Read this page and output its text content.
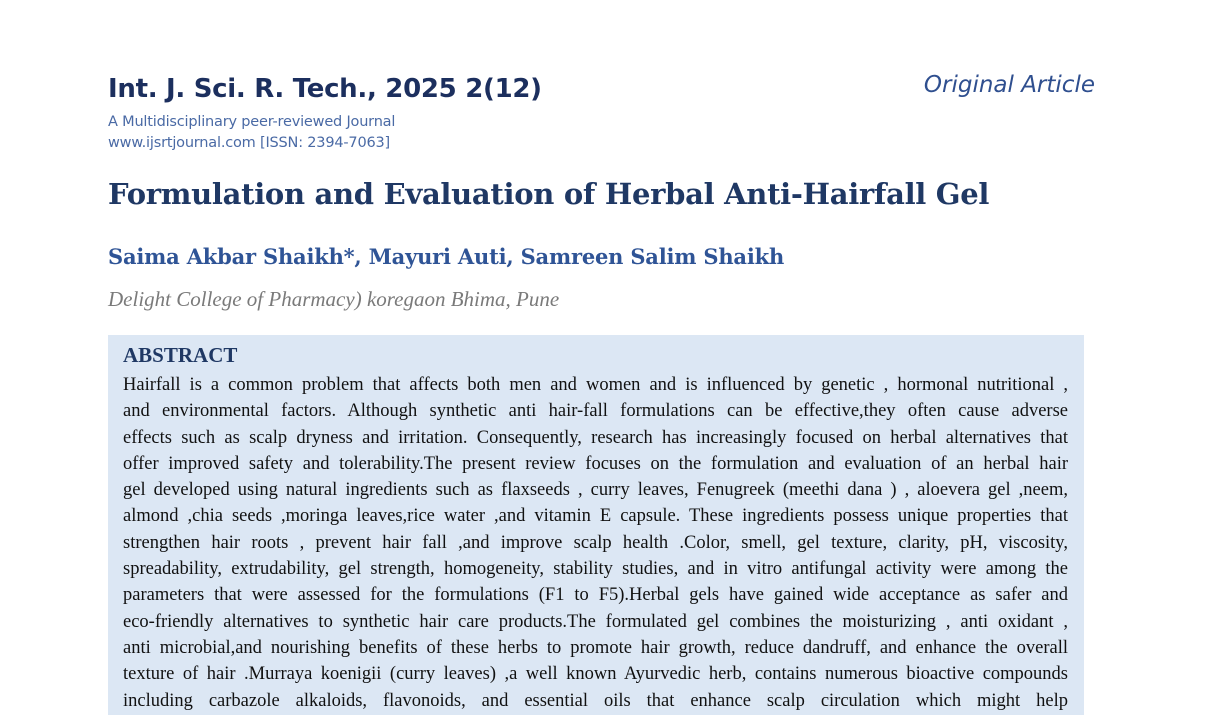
Int. J. Sci. R. Tech., 2025 2(12)
A Multidisciplinary peer-reviewed Journal
www.ijsrtjournal.com [ISSN: 2394-7063]
Original Article
Formulation and Evaluation of Herbal Anti-Hairfall Gel
Saima Akbar Shaikh*, Mayuri Auti, Samreen Salim Shaikh
Delight College of Pharmacy) koregaon Bhima, Pune
ABSTRACT
Hairfall is a common problem that affects both men and women and is influenced by genetic , hormonal nutritional ,
and environmental factors. Although synthetic anti hair-fall formulations can be effective,they often cause adverse
effects such as scalp dryness and irritation. Consequently, research has increasingly focused on herbal alternatives that
offer improved safety and tolerability.The present review focuses on the formulation and evaluation of an herbal hair
gel developed using natural ingredients such as flaxseeds , curry leaves, Fenugreek (meethi dana ) , aloevera gel ,neem,
almond ,chia seeds ,moringa leaves,rice water ,and vitamin E capsule. These ingredients possess unique properties that
strengthen hair roots , prevent hair fall ,and improve scalp health .Color, smell, gel texture, clarity, pH, viscosity,
spreadability, extrudability, gel strength, homogeneity, stability studies, and in vitro antifungal activity were among the
parameters that were assessed for the formulations (F1 to F5).Herbal gels have gained wide acceptance as safer and
eco-friendly alternatives to synthetic hair care products.The formulated gel combines the moisturizing , anti oxidant ,
anti microbial,and nourishing benefits of these herbs to promote hair growth, reduce dandruff, and enhance the overall
texture of hair .Murraya koenigii (curry leaves) ,a well known Ayurvedic herb, contains numerous bioactive compounds
including carbazole alkaloids, flavonoids, and essential oils that enhance scalp circulation which might help
